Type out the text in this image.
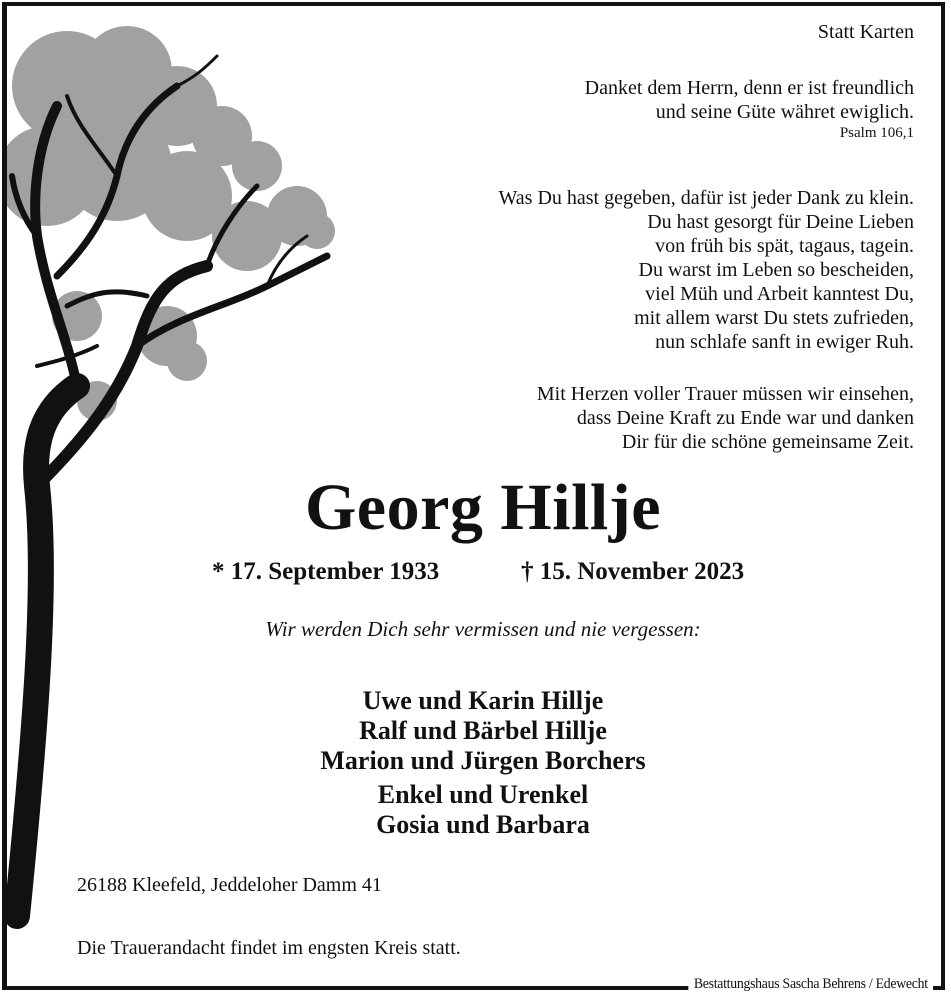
Statt Karten
Danket dem Herrn, denn er ist freundlich
und seine Güte währet ewiglich.
Psalm 106,1
Was Du hast gegeben, dafür ist jeder Dank zu klein.
Du hast gesorgt für Deine Lieben
von früh bis spät, tagaus, tagein.
Du warst im Leben so bescheiden,
viel Müh und Arbeit kanntest Du,
mit allem warst Du stets zufrieden,
nun schlafe sanft in ewiger Ruh.
Mit Herzen voller Trauer müssen wir einsehen,
dass Deine Kraft zu Ende war und danken
Dir für die schöne gemeinsame Zeit.
Georg Hillje
* 17. September 1933	† 15. November 2023
Wir werden Dich sehr vermissen und nie vergessen:
Uwe und Karin Hillje
Ralf und Bärbel Hillje
Marion und Jürgen Borchers
Enkel und Urenkel
Gosia und Barbara
26188 Kleefeld, Jeddeloher Damm 41
Die Trauerandacht findet im engsten Kreis statt.
Bestattungshaus Sascha Behrens / Edewecht
